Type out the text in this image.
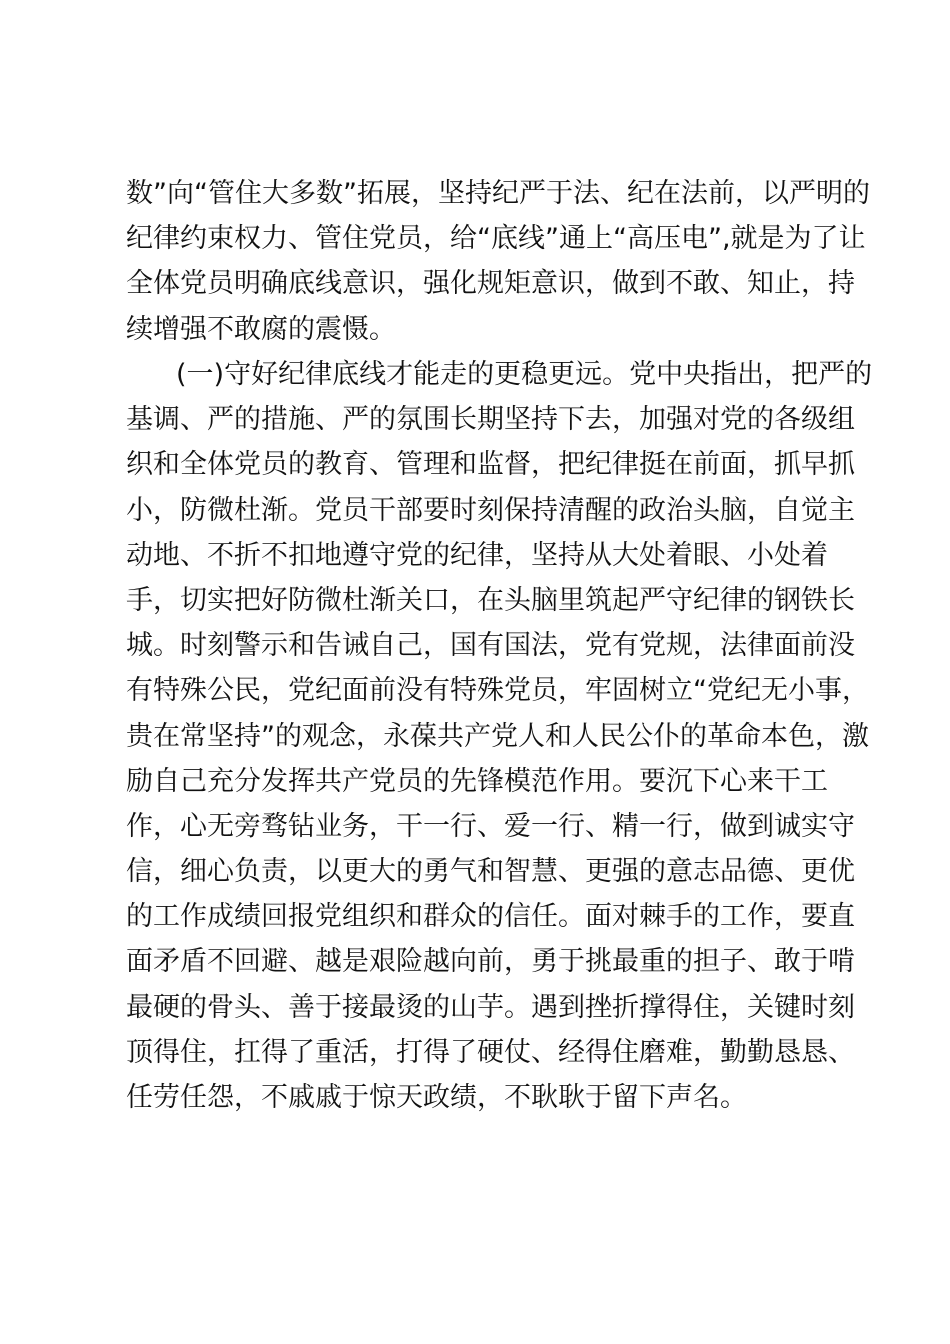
数”向“管住大多数”拓展，坚持纪严于法、纪在法前，以严明的
纪律约束权力、管住党员，给“底线”通上“高压电”,就是为了让
全体党员明确底线意识，强化规矩意识，做到不敢、知止，持
续增强不敢腐的震慑。
(一)守好纪律底线才能走的更稳更远。党中央指出，把严的
基调、严的措施、严的氛围长期坚持下去，加强对党的各级组
织和全体党员的教育、管理和监督，把纪律挺在前面，抓早抓
小，防微杜渐。党员干部要时刻保持清醒的政治头脑，自觉主
动地、不折不扣地遵守党的纪律，坚持从大处着眼、小处着
手，切实把好防微杜渐关口，在头脑里筑起严守纪律的钢铁长
城。时刻警示和告诫自己，国有国法，党有党规，法律面前没
有特殊公民，党纪面前没有特殊党员，牢固树立“党纪无小事，
贵在常坚持”的观念，永葆共产党人和人民公仆的革命本色，激
励自己充分发挥共产党员的先锋模范作用。要沉下心来干工
作，心无旁骛钻业务，干一行、爱一行、精一行，做到诚实守
信，细心负责，以更大的勇气和智慧、更强的意志品德、更优
的工作成绩回报党组织和群众的信任。面对棘手的工作，要直
面矛盾不回避、越是艰险越向前，勇于挑最重的担子、敢于啃
最硬的骨头、善于接最烫的山芋。遇到挫折撑得住，关键时刻
顶得住，扛得了重活，打得了硬仗、经得住磨难，勤勤恳恳、
任劳任怨，不戚戚于惊天政绩，不耿耿于留下声名。
